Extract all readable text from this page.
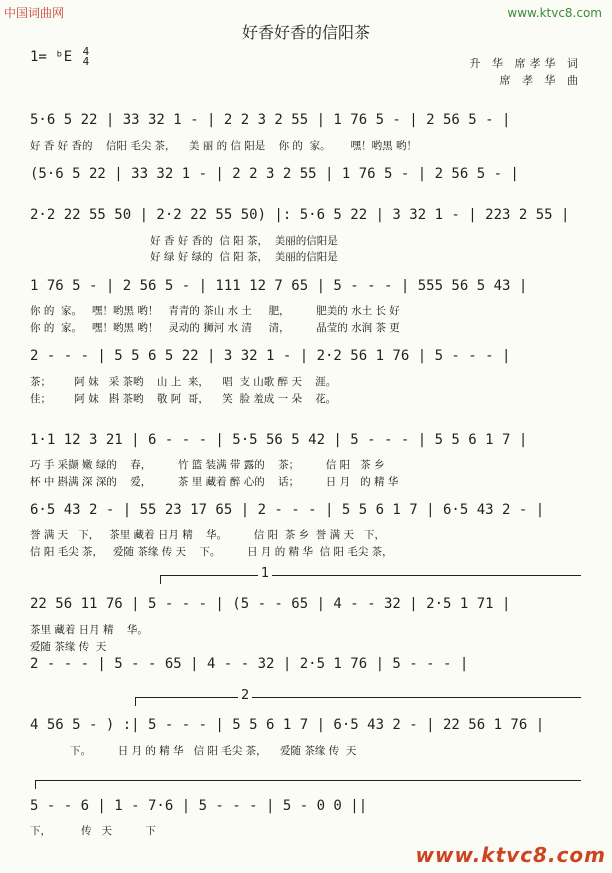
中国词曲网	www.ktvc8.com
好香好香的信阳茶
1= ᵇE 4
4	升 华 席孝华 词
席 孝 华 曲
5·6 5 22 | 33 32 1 - | 2 2 3 2 55 | 1 76 5 - | 2 56 5 - |
好 香 好 香的    信阳 毛尖 茶，    美 丽 的 信 阳是    你 的  家。      嘿！哟黑 哟！
(5·6 5 22 | 33 32 1 - | 2 2 3 2 55 | 1 76 5 - | 2 56 5 - |
2·2 22 55 50 | 2·2 22 55 50) |: 5·6 5 22 | 3 32 1 - | 223 2 55 |
好 香 好 香的  信 阳 茶，  美丽的信阳是
好 绿 好 绿的  信 阳 茶，  美丽的信阳是
1 76 5 - | 2 56 5 - | 111 12 7 65 | 5 - - - | 555 56 5 43 |
你 的  家。   嘿！哟黑 哟！   青青的 茶山 水 土     肥，        肥美的 水土 长 好
你 的  家。   嘿！哟黑 哟！   灵动的 狮河 水 清     清，        晶莹的 水润 茶 更
2 - - - | 5 5 6 5 22 | 3 32 1 - | 2·2 56 1 76 | 5 - - - |
茶；       阿 妹   采 茶哟    山 上  来，    唱  支 山歌 醉 天    涯。
佳；       阿 妹   斟 茶哟    敬 阿  哥，    笑  脸 羞成 一 朵    花。
1·1 12 3 21 | 6 - - - | 5·5 56 5 42 | 5 - - - | 5 5 6 1 7 |
巧 手 采撷 嫩 绿的    春，        竹 篮 装满 带 露的    茶；        信 阳   茶 乡
杯 中 斟满 深 深的    爱，        茶 里 藏着 醉 心的    话；        日 月   的 精 华
6·5 43 2 - | 55 23 17 65 | 2 - - - | 5 5 6 1 7 | 6·5 43 2 - |
誉 满 天   下，   茶里 藏着 日月 精    华。        信 阳  茶 乡  誉 满 天   下，
信 阳 毛尖 茶，   爱随 茶缘 传 天    下。        日 月 的 精 华  信 阳 毛尖 茶，
1
22 56 11 76 | 5 - - - | (5 - - 65 | 4 - - 32 | 2·5 1 71 |
茶里 藏着 日月 精    华。
爱随 茶缘 传  天
2 - - - | 5 - - 65 | 4 - - 32 | 2·5 1 76 | 5 - - - |
2
4 56 5 - ) :| 5 - - - | 5 5 6 1 7 | 6·5 43 2 - | 22 56 1 76 |
下。        日 月 的 精 华   信 阳 毛尖 茶，    爱随 茶缘 传  天
5 - - 6 | 1 - 7·6 | 5 - - - | 5 - 0 0 ||
下，         传   天          下
www.ktvc8.com
